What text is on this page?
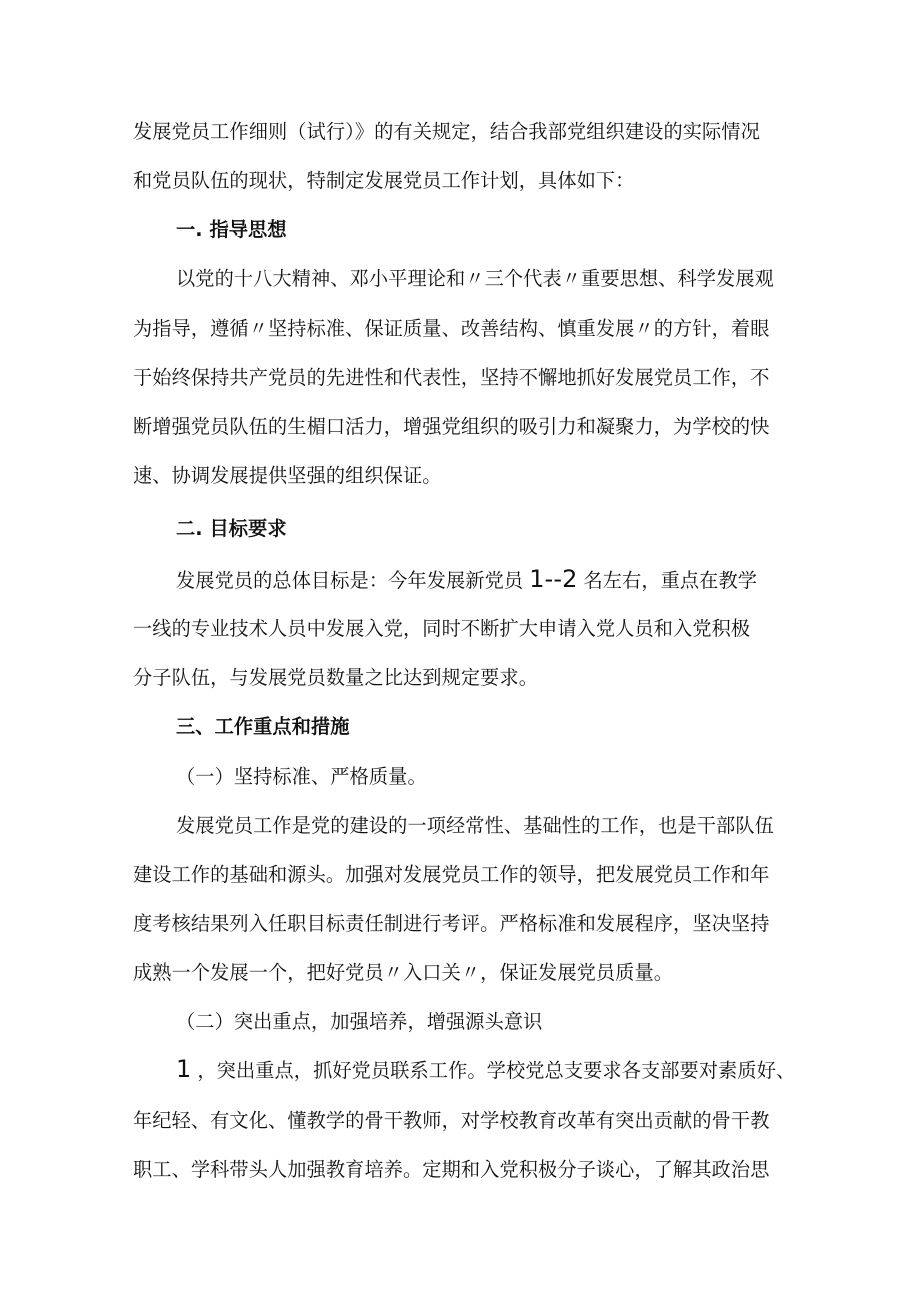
发展党员工作细则（试行）》的有关规定，结合我部党组织建设的实际情况
和党员队伍的现状，特制定发展党员工作计划，具体如下：
一. 指导思想
以党的十八大精神、邓小平理论和〃三个代表〃重要思想、科学发展观
为指导，遵循〃坚持标准、保证质量、改善结构、慎重发展〃的方针，着眼
于始终保持共产党员的先进性和代表性，坚持不懈地抓好发展党员工作，不
断增强党员队伍的生楣口活力，增强党组织的吸引力和凝聚力，为学校的快
速、协调发展提供坚强的组织保证。
二. 目标要求
发展党员的总体目标是：今年发展新党员 1--2 名左右，重点在教学
一线的专业技术人员中发展入党，同时不断扩大申请入党人员和入党积极
分子队伍，与发展党员数量之比达到规定要求。
三、工作重点和措施
（一）坚持标准、严格质量。
发展党员工作是党的建设的一项经常性、基础性的工作，也是干部队伍
建设工作的基础和源头。加强对发展党员工作的领导，把发展党员工作和年
度考核结果列入任职目标责任制进行考评。严格标准和发展程序，坚决坚持
成熟一个发展一个，把好党员〃入口关〃，保证发展党员质量。
（二）突出重点，加强培养，增强源头意识
1 ，突出重点，抓好党员联系工作。学校党总支要求各支部要对素质好、
年纪轻、有文化、懂教学的骨干教师，对学校教育改革有突出贡献的骨干教
职工、学科带头人加强教育培养。定期和入党积极分子谈心，了解其政治思
